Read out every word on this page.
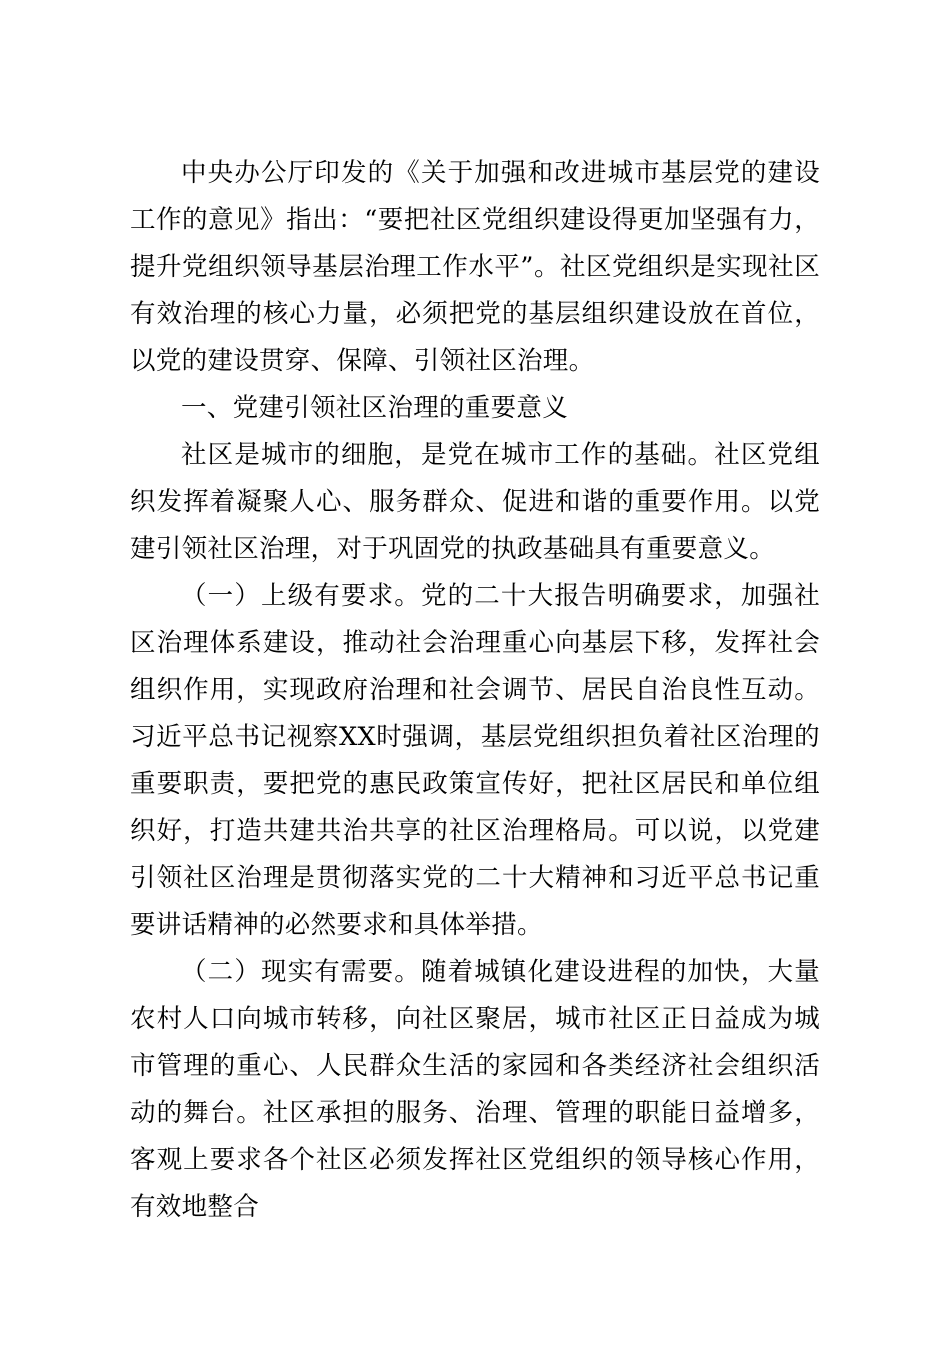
中央办公厅印发的《关于加强和改进城市基层党的建设工作的意见》指出：“要把社区党组织建设得更加坚强有力，提升党组织领导基层治理工作水平”。社区党组织是实现社区有效治理的核心力量，必须把党的基层组织建设放在首位，以党的建设贯穿、保障、引领社区治理。

一、党建引领社区治理的重要意义

社区是城市的细胞，是党在城市工作的基础。社区党组织发挥着凝聚人心、服务群众、促进和谐的重要作用。以党建引领社区治理，对于巩固党的执政基础具有重要意义。

（一）上级有要求。党的二十大报告明确要求，加强社区治理体系建设，推动社会治理重心向基层下移，发挥社会组织作用，实现政府治理和社会调节、居民自治良性互动。习近平总书记视察XX时强调，基层党组织担负着社区治理的重要职责，要把党的惠民政策宣传好，把社区居民和单位组织好，打造共建共治共享的社区治理格局。可以说，以党建引领社区治理是贯彻落实党的二十大精神和习近平总书记重要讲话精神的必然要求和具体举措。

（二）现实有需要。随着城镇化建设进程的加快，大量农村人口向城市转移，向社区聚居，城市社区正日益成为城市管理的重心、人民群众生活的家园和各类经济社会组织活动的舞台。社区承担的服务、治理、管理的职能日益增多，客观上要求各个社区必须发挥社区党组织的领导核心作用，有效地整合
